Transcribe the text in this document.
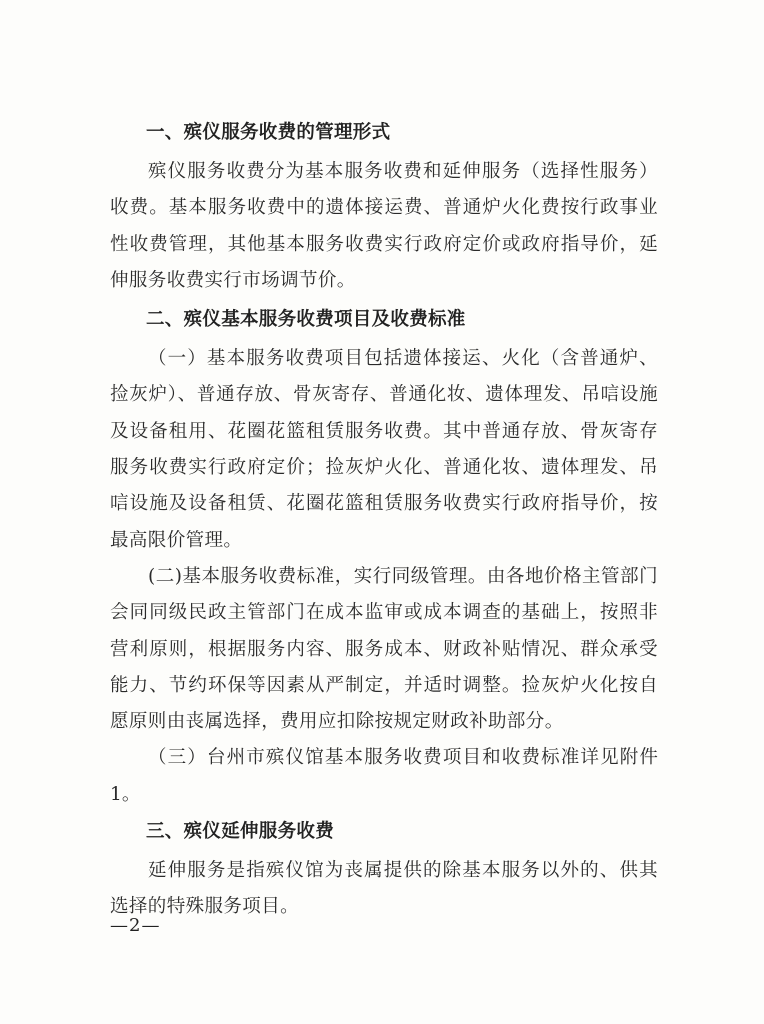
一、殡仪服务收费的管理形式

殡仪服务收费分为基本服务收费和延伸服务（选择性服务）收费。基本服务收费中的遗体接运费、普通炉火化费按行政事业性收费管理，其他基本服务收费实行政府定价或政府指导价，延伸服务收费实行市场调节价。

二、殡仪基本服务收费项目及收费标准

（一）基本服务收费项目包括遗体接运、火化（含普通炉、捡灰炉）、普通存放、骨灰寄存、普通化妆、遗体理发、吊唁设施及设备租用、花圈花篮租赁服务收费。其中普通存放、骨灰寄存服务收费实行政府定价；捡灰炉火化、普通化妆、遗体理发、吊唁设施及设备租赁、花圈花篮租赁服务收费实行政府指导价，按最高限价管理。

(二)基本服务收费标准，实行同级管理。由各地价格主管部门会同同级民政主管部门在成本监审或成本调查的基础上，按照非营利原则，根据服务内容、服务成本、财政补贴情况、群众承受能力、节约环保等因素从严制定，并适时调整。捡灰炉火化按自愿原则由丧属选择，费用应扣除按规定财政补助部分。

（三）台州市殡仪馆基本服务收费项目和收费标准详见附件1。

三、殡仪延伸服务收费

延伸服务是指殡仪馆为丧属提供的除基本服务以外的、供其选择的特殊服务项目。

—2—
